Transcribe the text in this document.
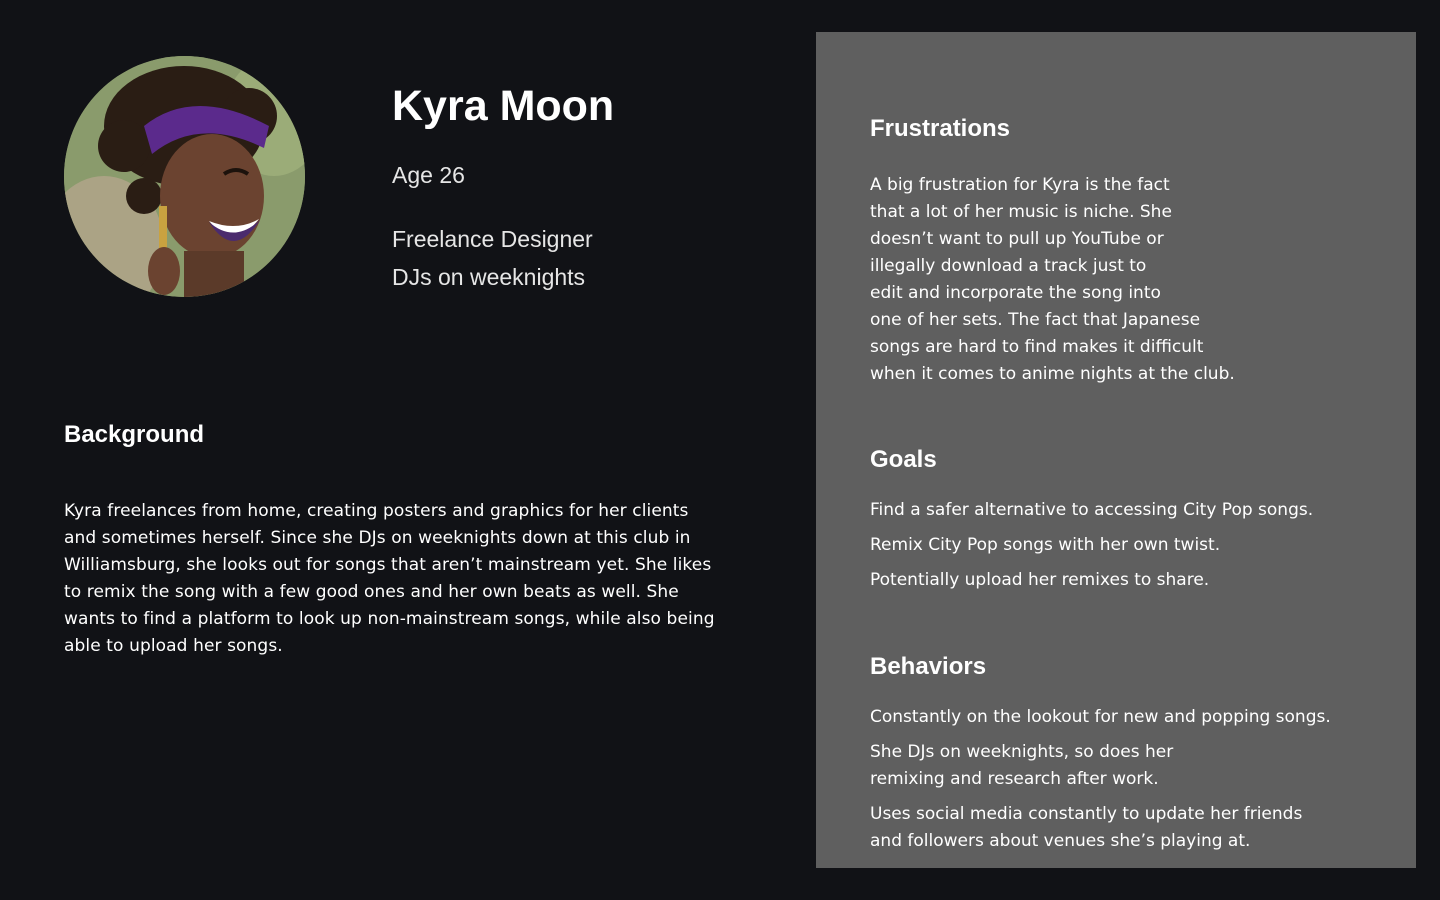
Kyra Moon
Age 26
Freelance Designer
DJs on weeknights
Background
Kyra freelances from home, creating posters and graphics for her clients
and sometimes herself. Since she DJs on weeknights down at this club in
Williamsburg, she looks out for songs that aren’t mainstream yet. She likes
to remix the song with a few good ones and her own beats as well. She
wants to find a platform to look up non-mainstream songs, while also being
able to upload her songs.
Frustrations
A big frustration for Kyra is the fact
that a lot of her music is niche. She
doesn’t want to pull up YouTube or
illegally download a track just to
edit and incorporate the song into
one of her sets. The fact that Japanese
songs are hard to find makes it difficult
when it comes to anime nights at the club.
Goals
Find a safer alternative to accessing City Pop songs.
Remix City Pop songs with her own twist.
Potentially upload her remixes to share.
Behaviors
Constantly on the lookout for new and popping songs.
She DJs on weeknights, so does her
remixing and research after work.
Uses social media constantly to update her friends
and followers about venues she’s playing at.
